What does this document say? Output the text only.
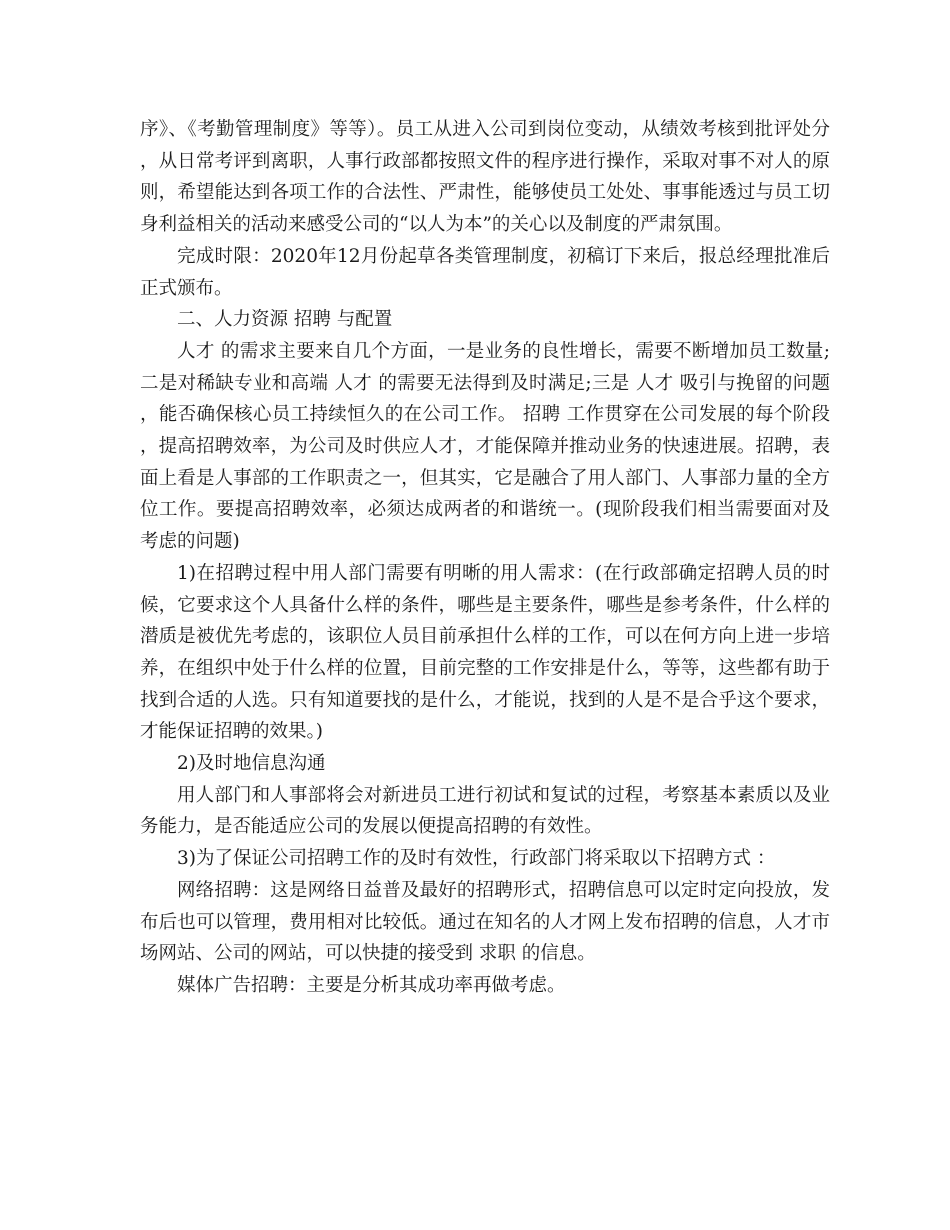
序》、《考勤管理制度》等等）。员工从进入公司到岗位变动，从绩效考核到批评处分，从日常考评到离职，人事行政部都按照文件的程序进行操作，采取对事不对人的原则，希望能达到各项工作的合法性、严肃性，能够使员工处处、事事能透过与员工切身利益相关的活动来感受公司的“以人为本”的关心以及制度的严肃氛围。

完成时限：2020年12月份起草各类管理制度，初稿订下来后，报总经理批准后正式颁布。

二、人力资源 招聘 与配置

人才 的需求主要来自几个方面，一是业务的良性增长，需要不断增加员工数量;二是对稀缺专业和高端 人才 的需要无法得到及时满足;三是 人才 吸引与挽留的问题，能否确保核心员工持续恒久的在公司工作。 招聘 工作贯穿在公司发展的每个阶段，提高招聘效率，为公司及时供应人才，才能保障并推动业务的快速进展。招聘，表面上看是人事部的工作职责之一，但其实，它是融合了用人部门、人事部力量的全方位工作。要提高招聘效率，必须达成两者的和谐统一。(现阶段我们相当需要面对及考虑的问题)

1)在招聘过程中用人部门需要有明晰的用人需求：(在行政部确定招聘人员的时候，它要求这个人具备什么样的条件，哪些是主要条件，哪些是参考条件，什么样的潜质是被优先考虑的，该职位人员目前承担什么样的工作，可以在何方向上进一步培养，在组织中处于什么样的位置，目前完整的工作安排是什么，等等，这些都有助于找到合适的人选。只有知道要找的是什么，才能说，找到的人是不是合乎这个要求，才能保证招聘的效果。)

2)及时地信息沟通

用人部门和人事部将会对新进员工进行初试和复试的过程，考察基本素质以及业务能力，是否能适应公司的发展以便提高招聘的有效性。

3)为了保证公司招聘工作的及时有效性，行政部门将采取以下招聘方式 ：

网络招聘：这是网络日益普及最好的招聘形式，招聘信息可以定时定向投放，发布后也可以管理，费用相对比较低。通过在知名的人才网上发布招聘的信息，人才市场网站、公司的网站，可以快捷的接受到 求职 的信息。

媒体广告招聘：主要是分析其成功率再做考虑。
